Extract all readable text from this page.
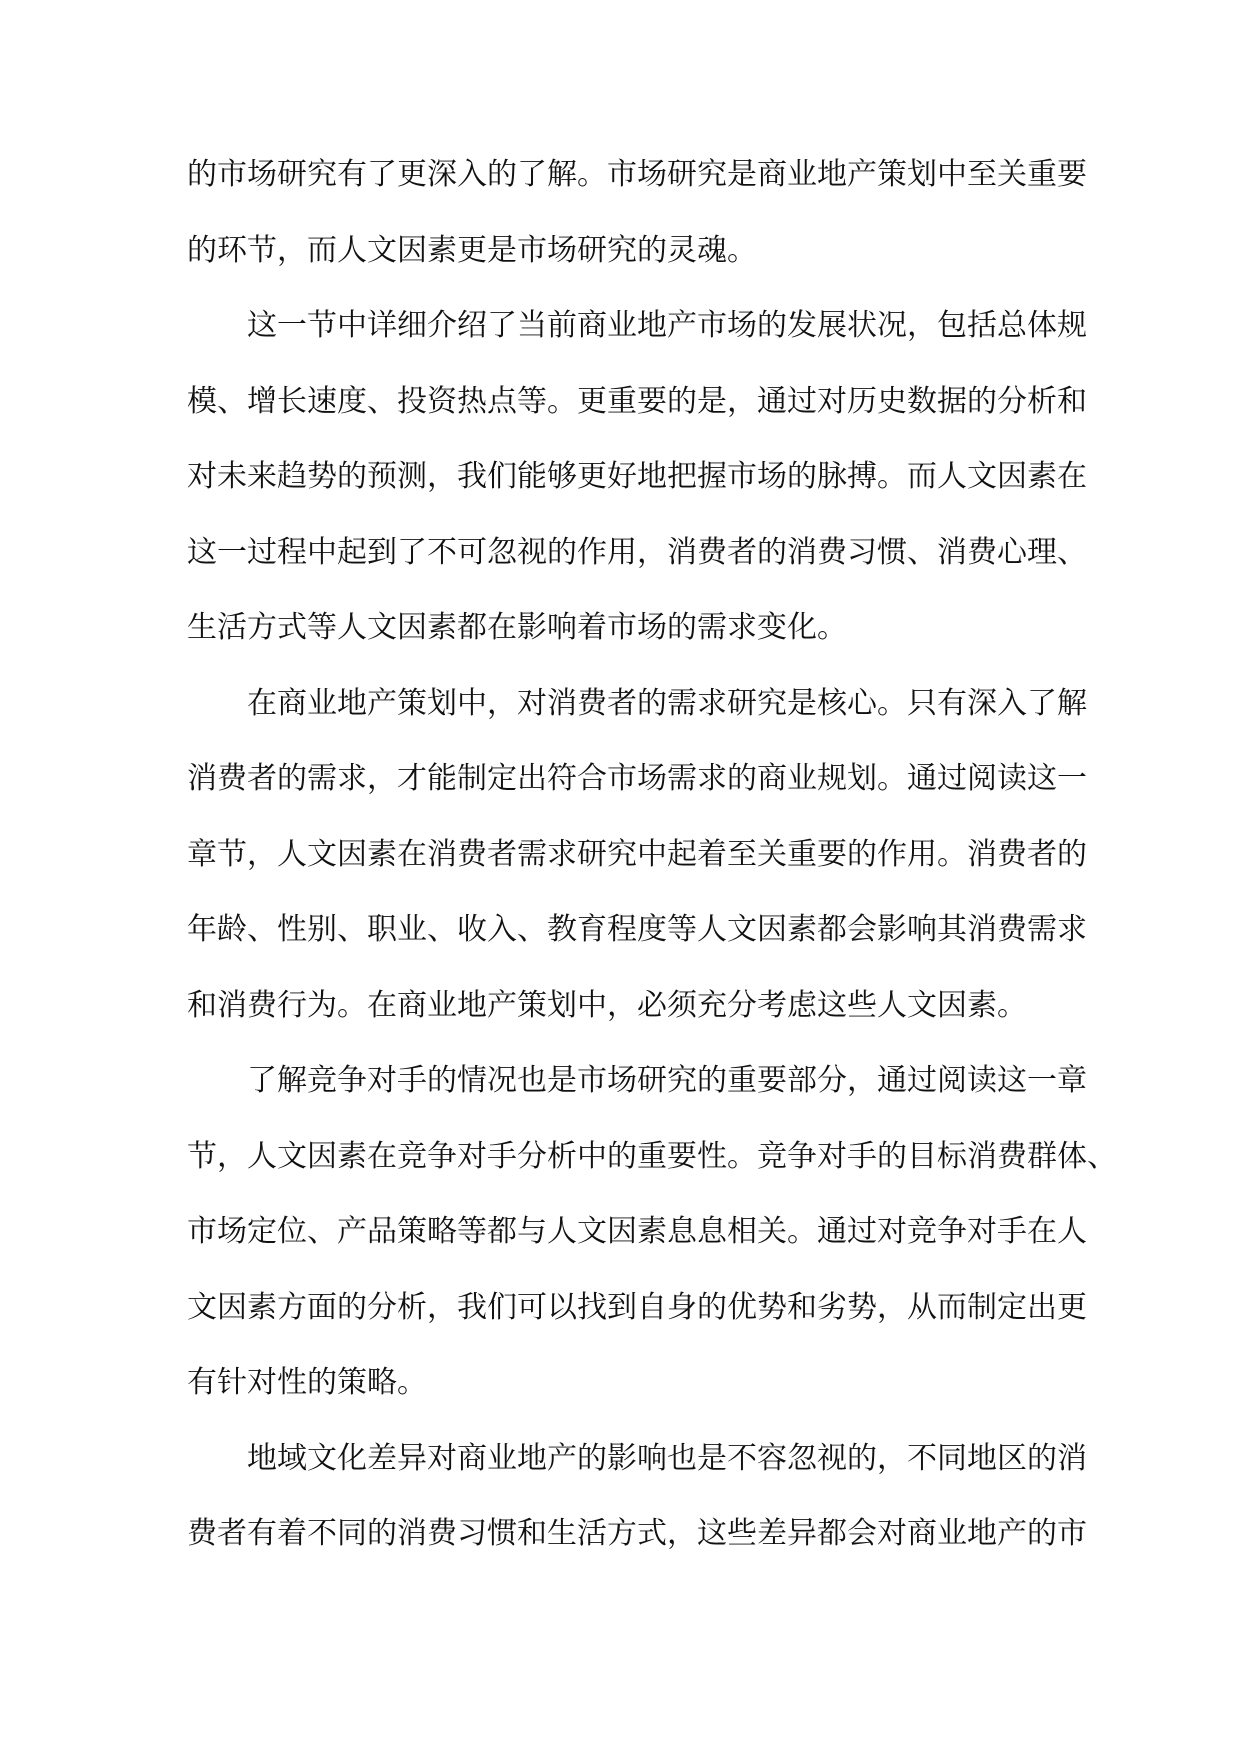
的市场研究有了更深入的了解。市场研究是商业地产策划中至关重要
的环节，而人文因素更是市场研究的灵魂。
这一节中详细介绍了当前商业地产市场的发展状况，包括总体规
模、增长速度、投资热点等。更重要的是，通过对历史数据的分析和
对未来趋势的预测，我们能够更好地把握市场的脉搏。而人文因素在
这一过程中起到了不可忽视的作用，消费者的消费习惯、消费心理、
生活方式等人文因素都在影响着市场的需求变化。
在商业地产策划中，对消费者的需求研究是核心。只有深入了解
消费者的需求，才能制定出符合市场需求的商业规划。通过阅读这一
章节，人文因素在消费者需求研究中起着至关重要的作用。消费者的
年龄、性别、职业、收入、教育程度等人文因素都会影响其消费需求
和消费行为。在商业地产策划中，必须充分考虑这些人文因素。
了解竞争对手的情况也是市场研究的重要部分，通过阅读这一章
节，人文因素在竞争对手分析中的重要性。竞争对手的目标消费群体、
市场定位、产品策略等都与人文因素息息相关。通过对竞争对手在人
文因素方面的分析，我们可以找到自身的优势和劣势，从而制定出更
有针对性的策略。
地域文化差异对商业地产的影响也是不容忽视的，不同地区的消
费者有着不同的消费习惯和生活方式，这些差异都会对商业地产的市
